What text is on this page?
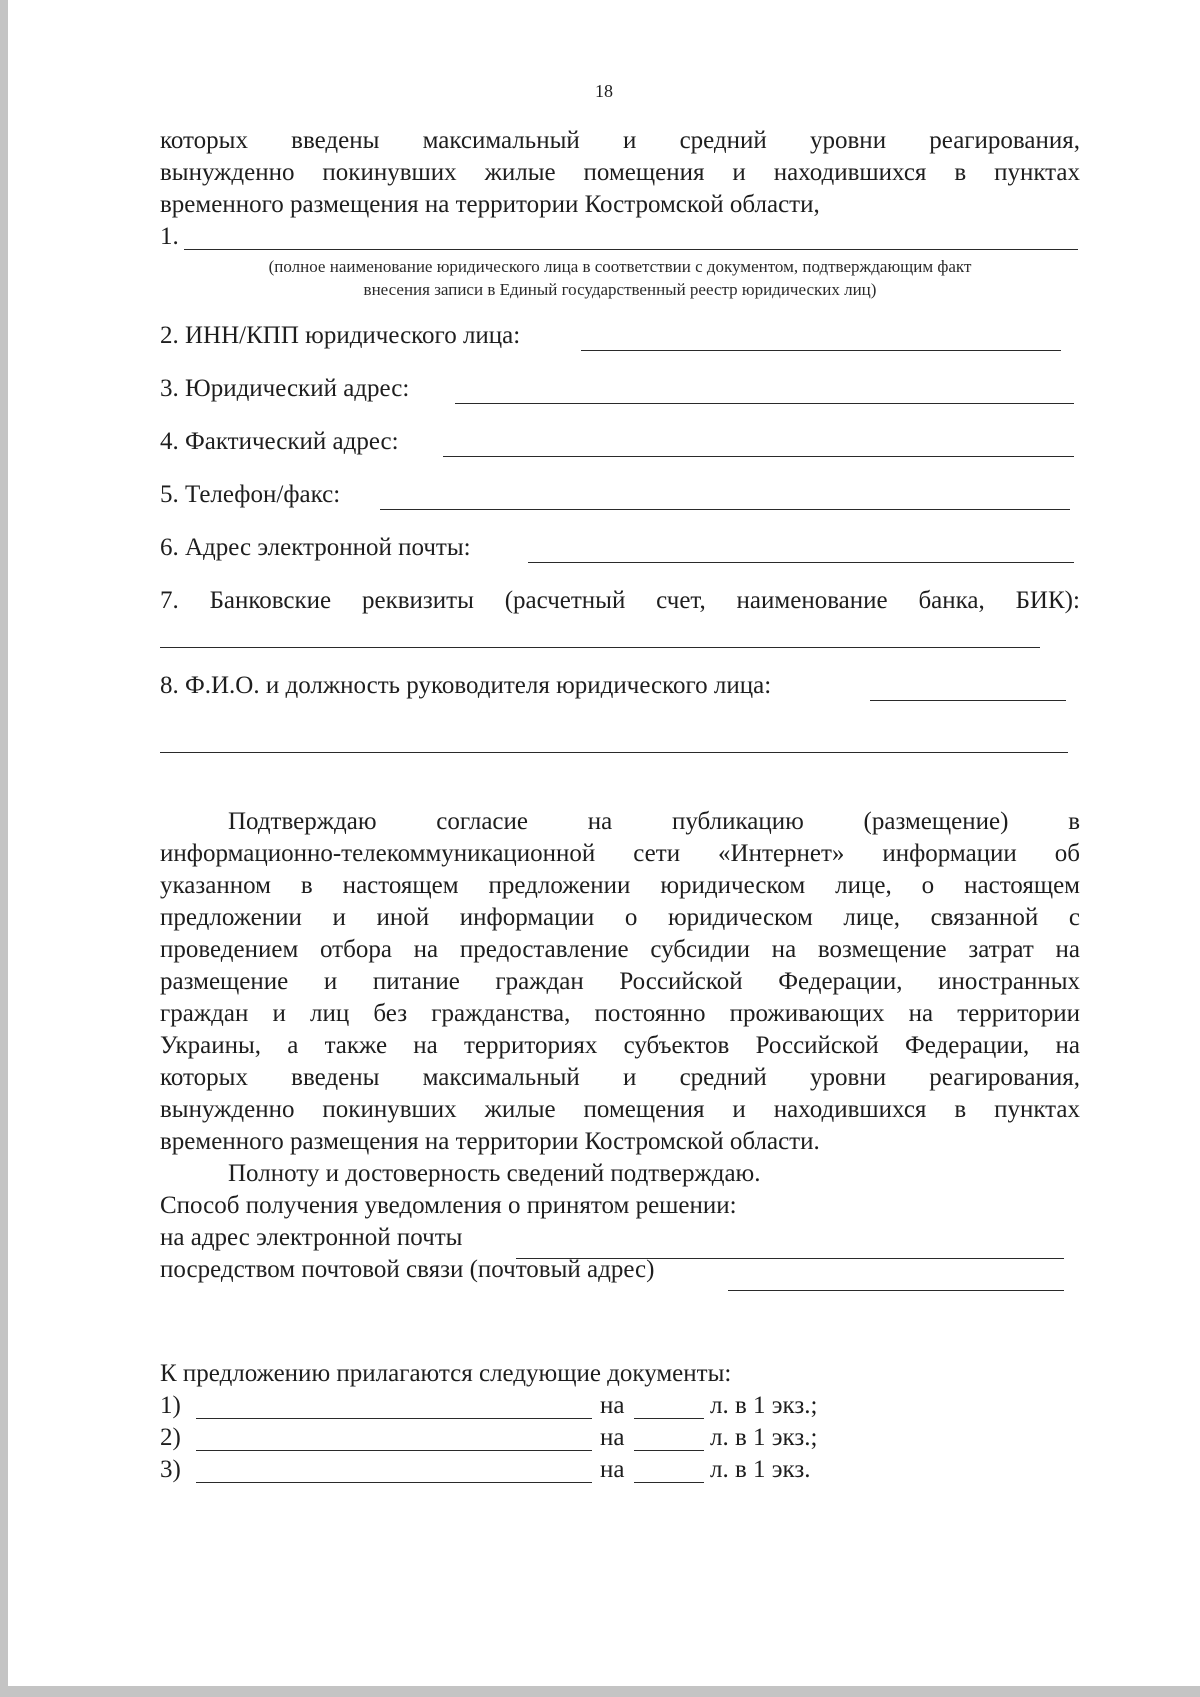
18
которых введены максимальный и средний уровни реагирования,
вынужденно покинувших жилые помещения и находившихся в пунктах
временного размещения на территории Костромской области,
1.
(полное наименование юридического лица в соответствии с документом, подтверждающим факт
внесения записи в Единый государственный реестр юридических лиц)
2. ИНН/КПП юридического лица:
3. Юридический адрес:
4. Фактический адрес:
5. Телефон/факс:
6. Адрес электронной почты:
7. Банковские реквизиты (расчетный счет, наименование банка, БИК):
8. Ф.И.О. и должность руководителя юридического лица:
Подтверждаю согласие на публикацию (размещение) в
информационно-телекоммуникационной сети «Интернет» информации об
указанном в настоящем предложении юридическом лице, о настоящем
предложении и иной информации о юридическом лице, связанной с
проведением отбора на предоставление субсидии на возмещение затрат на
размещение и питание граждан Российской Федерации, иностранных
граждан и лиц без гражданства, постоянно проживающих на территории
Украины, а также на территориях субъектов Российской Федерации, на
которых введены максимальный и средний уровни реагирования,
вынужденно покинувших жилые помещения и находившихся в пунктах
временного размещения на территории Костромской области.
Полноту и достоверность сведений подтверждаю.
Способ получения уведомления о принятом решении:
на адрес электронной почты
посредством почтовой связи (почтовый адрес)
К предложению прилагаются следующие документы:
1)	на	л. в 1 экз.;
2)	на	л. в 1 экз.;
3)	на	л. в 1 экз.
